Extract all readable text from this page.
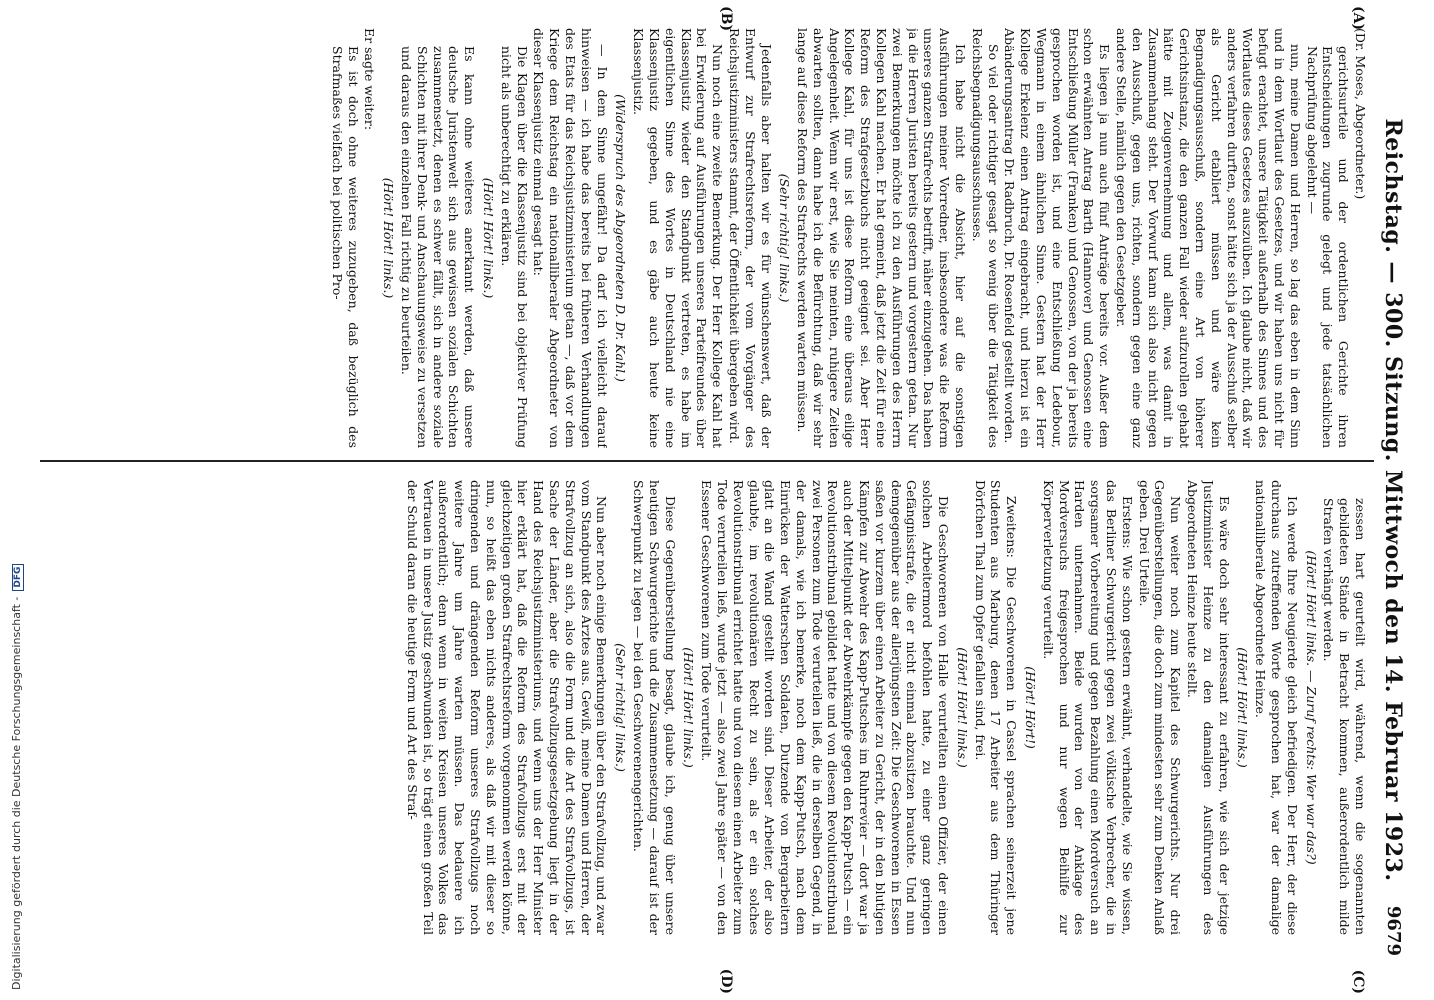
Reichstag. — 300. Sitzung. Mittwoch den 14. Februar 1923.
9679
(A)
(B)
(C)
(D)

(Dr. Moses, Abgeordneter.)

gerichtsurteile und der ordentlichen Gerichte ihren Entscheidungen zugrunde gelegt und jede tatsächlichen Nachprüfung abgelehnt —

nun, meine Damen und Herren, so lag das eben in dem Sinn und in dem Wortlaut des Gesetzes, und wir haben uns nicht für befugt erachtet, unsere Tätigkeit außerhalb des Sinnes und des Wortlautes dieses Gesetzes auszuüben. Ich glaube nicht, daß wir anders verfahren durften, sonst hätte sich ja der Ausschuß selber als Gericht etabliert müssen und wäre kein Begnadigungsausschuß, sondern eine Art von höherer Gerichtsinstanz, die den ganzen Fall wieder aufzurollen gehabt hätte mit Zeugenvernehmung und allem, was damit in Zusammenhang steht. Der Vorwurf kann sich also nicht gegen den Ausschuß, gegen uns, richten, sondern gegen eine ganz andere Stelle, nämlich gegen den Gesetzgeber.

Es liegen ja nun auch fünf Anträge bereits vor. Außer dem schon erwähnten Antrag Barth (Hannover) und Genossen eine Entschließung Müller (Franken) und Genossen, von der ja bereits gesprochen worden ist, und eine Entschließung Ledebour, Wegmann in einem ähnlichen Sinne. Gestern hat der Herr Kollege Erkelenz einen Antrag eingebracht, und hierzu ist ein Abänderungsantrag Dr. Radbruch, Dr. Rosenfeld gestellt worden.

So viel oder richtiger gesagt so wenig über die Tätigkeit des Reichsbegnadigungsausschusses.

Ich habe nicht die Absicht, hier auf die sonstigen Ausführungen meiner Vorredner, insbesondere was die Reform unseres ganzen Strafrechts betrifft, näher einzugehen. Das haben ja die Herren Juristen bereits gestern und vorgestern getan. Nur zwei Bemerkungen möchte ich zu den Ausführungen des Herrn Kollegen Kahl machen. Er hat gemeint, daß jetzt die Zeit für eine Reform des Strafgesetzbuchs nicht geeignet sei. Aber Herr Kollege Kahl, für uns ist diese Reform eine überaus eilige Angelegenheit. Wenn wir erst, wie Sie meinten, ruhigere Zeiten abwarten sollten, dann habe ich die Befürchtung, daß wir sehr lange auf diese Reform des Strafrechts werden warten müssen.

(Sehr richtig! links.)

Jedenfalls aber halten wir es für wünschenswert, daß der Entwurf zur Strafrechtsreform, der vom Vorgänger des Reichsjustizministers stammt, der Öffentlichkeit übergeben wird.

Nun noch eine zweite Bemerkung. Der Herr Kollege Kahl hat bei Erwiderung auf Ausführungen unseres Parteifreundes über Klassenjustiz wieder den Standpunkt vertreten, es habe im eigentlichen Sinne des Wortes in Deutschland nie eine Klassenjustiz gegeben, und es gäbe auch heute keine Klassenjustiz.

(Widerspruch des Abgeordneten D. Dr. Kahl.)

— In dem Sinne ungefähr! Da darf ich vielleicht darauf hinweisen — ich habe das bereits bei früheren Verhandlungen des Etats für das Reichsjustizministerium getan —, daß vor dem Kriege dem Reichstag ein nationalliberaler Abgeordneter von dieser Klassenjustiz einmal gesagt hat:

Die Klagen über die Klassenjustiz sind bei objektiver Prüfung nicht als unberechtigt zu erklären.

(Hört! Hört! links.)

Es kann ohne weiteres anerkannt werden, daß unsere deutsche Juristenwelt sich aus gewissen sozialen Schichten zusammensetzt, denen es schwer fällt, sich in andere soziale Schichten mit ihrer Denk- und Anschauungsweise zu versetzen und daraus den einzelnen Fall richtig zu beurteilen.

(Hört! Hört! links.)

Er sagte weiter:

Es ist doch ohne weiteres zuzugeben, daß bezüglich des Strafmaßes vielfach bei politischen Pro-

zessen hart geurteilt wird, während, wenn die sogenannten gebildeten Stände in Betracht kommen, außerordentlich milde Strafen verhängt werden.

(Hört! Hört! links. — Zuruf rechts: Wer war das?)

Ich werde Ihre Neugierde gleich befriedigen. Der Herr, der diese durchaus zutreffenden Worte gesprochen hat, war der damalige nationalliberale Abgeordnete Heinze.

(Hört! Hört! links.)

Es wäre doch sehr interessant zu erfahren, wie sich der jetzige Justizminister Heinze zu den damaligen Ausführungen des Abgeordneten Heinze heute stellt.

Nun weiter noch zum Kapitel des Schwurgerichts. Nur drei Gegenüberstellungen, die doch zum mindesten sehr zum Denken Anlaß geben. Drei Urteile.

Erstens: Wie schon gestern erwähnt, verhandelte, wie Sie wissen, das Berliner Schwurgericht gegen zwei völkische Verbrecher, die in sorgsamer Vorbereitung und gegen Bezahlung einen Mordversuch an Harden unternahmen. Beide wurden von der Anklage des Mordversuchs freigesprochen und nur wegen Beihilfe zur Körperverletzung verurteilt.

(Hört! Hört!)

Zweitens: Die Geschworenen in Cassel sprachen seinerzeit jene Studenten aus Marburg, denen 17 Arbeiter aus dem Thüringer Dörfchen Thal zum Opfer gefallen sind, frei.

(Hört! Hört! links.)

Die Geschworenen von Halle verurteilten einen Offizier, der einen solchen Arbeitermord befohlen hatte, zu einer ganz geringen Gefängnisstrafe, die er nicht einmal abzusitzen brauchte. Und nun demgegenüber aus der allerjüngsten Zeit: Die Geschworenen in Essen saßen vor kurzem über einen Arbeiter zu Gericht, der in den blutigen Kämpfen zur Abwehr des Kapp-Putsches im Ruhrrevier — dort war ja auch der Mittelpunkt der Abwehrkämpfe gegen den Kapp-Putsch — ein Revolutionstribunal gebildet hatte und von diesem Revolutionstribunal zwei Personen zum Tode verurteilen ließ, die in derselben Gegend, in der damals, wie ich bemerke, noch dem Kapp-Putsch, nach dem Einrücken der Watterschen Soldaten, Dutzende von Bergarbeitern glatt an die Wand gestellt worden sind. Dieser Arbeiter, der also glaubte, im revolutionären Recht zu sein, als er ein solches Revolutionstribunal errichtet hatte und von diesem einen Arbeiter zum Tode verurteilen ließ, wurde jetzt — also zwei Jahre später — von den Essener Geschworenen zum Tode verurteilt.

(Hört! Hört! links.)

Diese Gegenüberstellung besagt, glaube ich, genug über unsere heutigen Schwurgerichte und die Zusammensetzung — darauf ist der Schwerpunkt zu legen — bei den Geschworenengerichten.

(Sehr richtig! links.)

Nun aber noch einige Bemerkungen über den Strafvollzug, und zwar vom Standpunkt des Arztes aus. Gewiß, meine Damen und Herren, der Strafvollzug an sich, also die Form und die Art des Strafvollzugs, ist Sache der Länder, aber die Strafvollzugsgesetzgebung liegt in der Hand des Reichsjustizministeriums, und wenn uns der Herr Minister hier erklärt hat, daß die Reform des Strafvollzugs erst mit der gleichzeitigen großen Strafrechtsreform vorgenommen werden könne, nun, so heißt das eben nichts anderes, als daß wir mit dieser so dringenden und drängenden Reform unseres Strafvollzugs noch weitere Jahre um Jahre warten müssen. Das bedauere ich außerordentlich; denn wenn in weiten Kreisen unseres Volkes das Vertrauen in unsere Justiz geschwunden ist, so trägt einen großen Teil der Schuld daran die heutige Form und Art des Straf-

Digitalisierung gefördert durch die Deutsche Forschungsgemeinschaft -DFG
